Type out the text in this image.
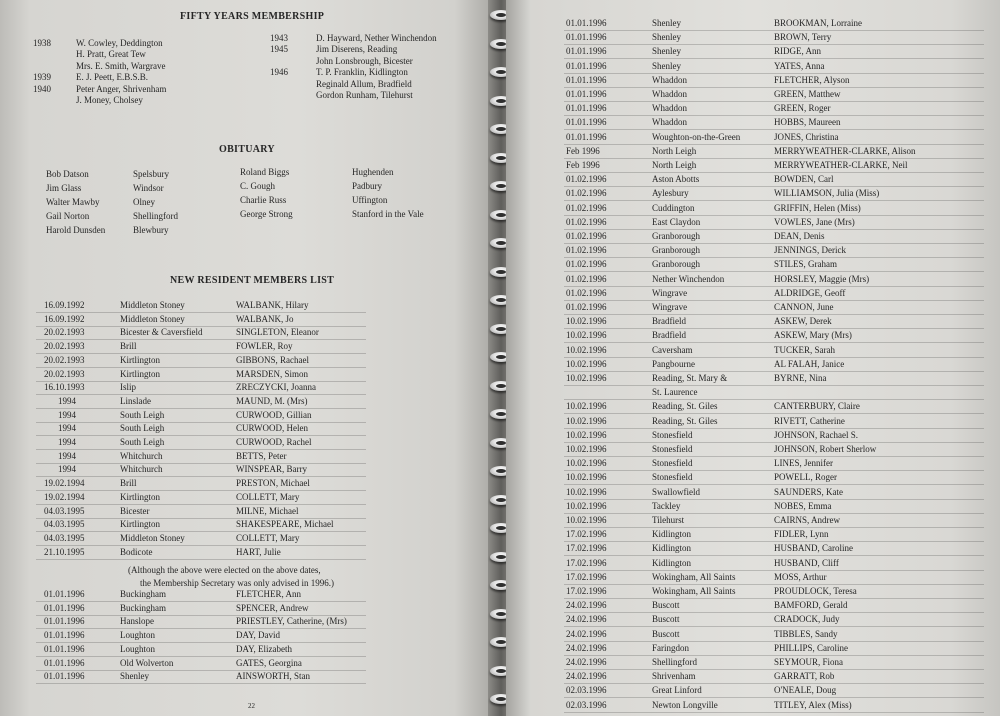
FIFTY YEARS MEMBERSHIP
1938	W. Cowley, Deddington
H. Pratt, Great Tew
Mrs. E. Smith, Wargrave
1939	E. J. Peett, E.B.S.B.
1940	Peter Anger, Shrivenham
J. Money, Cholsey
1943	D. Hayward, Nether Winchendon
1945	Jim Diserens, Reading
John Lonsbrough, Bicester
1946	T. P. Franklin, Kidlington
Reginald Allum, Bradfield
Gordon Runham, Tilehurst
OBITUARY
Bob Datson	Spelsbury
Jim Glass	Windsor
Walter Mawby	Olney
Gail Norton	Shellingford
Harold Dunsden	Blewbury
Roland Biggs	Hughenden
C. Gough	Padbury
Charlie Russ	Uffington
George Strong	Stanford in the Vale
NEW RESIDENT MEMBERS LIST
16.09.1992	Middleton Stoney	WALBANK, Hilary
16.09.1992	Middleton Stoney	WALBANK, Jo
20.02.1993	Bicester & Caversfield	SINGLETON, Eleanor
20.02.1993	Brill	FOWLER, Roy
20.02.1993	Kirtlington	GIBBONS, Rachael
20.02.1993	Kirtlington	MARSDEN, Simon
16.10.1993	Islip	ZRECZYCKI, Joanna
1994	Linslade	MAUND, M. (Mrs)
1994	South Leigh	CURWOOD, Gillian
1994	South Leigh	CURWOOD, Helen
1994	South Leigh	CURWOOD, Rachel
1994	Whitchurch	BETTS, Peter
1994	Whitchurch	WINSPEAR, Barry
19.02.1994	Brill	PRESTON, Michael
19.02.1994	Kirtlington	COLLETT, Mary
04.03.1995	Bicester	MILNE, Michael
04.03.1995	Kirtlington	SHAKESPEARE, Michael
04.03.1995	Middleton Stoney	COLLETT, Mary
21.10.1995	Bodicote	HART, Julie
(Although the above were elected on the above dates,
the Membership Secretary was only advised in 1996.)
01.01.1996	Buckingham	FLETCHER, Ann
01.01.1996	Buckingham	SPENCER, Andrew
01.01.1996	Hanslope	PRIESTLEY, Catherine, (Mrs)
01.01.1996	Loughton	DAY, David
01.01.1996	Loughton	DAY, Elizabeth
01.01.1996	Old Wolverton	GATES, Georgina
01.01.1996	Shenley	AINSWORTH, Stan
22
01.01.1996	Shenley	BROOKMAN, Lorraine
01.01.1996	Shenley	BROWN, Terry
01.01.1996	Shenley	RIDGE, Ann
01.01.1996	Shenley	YATES, Anna
01.01.1996	Whaddon	FLETCHER, Alyson
01.01.1996	Whaddon	GREEN, Matthew
01.01.1996	Whaddon	GREEN, Roger
01.01.1996	Whaddon	HOBBS, Maureen
01.01.1996	Woughton-on-the-Green	JONES, Christina
Feb 1996	North Leigh	MERRYWEATHER-CLARKE, Alison
Feb 1996	North Leigh	MERRYWEATHER-CLARKE, Neil
01.02.1996	Aston Abotts	BOWDEN, Carl
01.02.1996	Aylesbury	WILLIAMSON, Julia (Miss)
01.02.1996	Cuddington	GRIFFIN, Helen (Miss)
01.02.1996	East Claydon	VOWLES, Jane (Mrs)
01.02.1996	Granborough	DEAN, Denis
01.02.1996	Granborough	JENNINGS, Derick
01.02.1996	Granborough	STILES, Graham
01.02.1996	Nether Winchendon	HORSLEY, Maggie (Mrs)
01.02.1996	Wingrave	ALDRIDGE, Geoff
01.02.1996	Wingrave	CANNON, June
10.02.1996	Bradfield	ASKEW, Derek
10.02.1996	Bradfield	ASKEW, Mary (Mrs)
10.02.1996	Caversham	TUCKER, Sarah
10.02.1996	Pangbourne	AL FALAH, Janice
10.02.1996	Reading, St. Mary &	BYRNE, Nina
St. Laurence
10.02.1996	Reading, St. Giles	CANTERBURY, Claire
10.02.1996	Reading, St. Giles	RIVETT, Catherine
10.02.1996	Stonesfield	JOHNSON, Rachael S.
10.02.1996	Stonesfield	JOHNSON, Robert Sherlow
10.02.1996	Stonesfield	LINES, Jennifer
10.02.1996	Stonesfield	POWELL, Roger
10.02.1996	Swallowfield	SAUNDERS, Kate
10.02.1996	Tackley	NOBES, Emma
10.02.1996	Tilehurst	CAIRNS, Andrew
17.02.1996	Kidlington	FIDLER, Lynn
17.02.1996	Kidlington	HUSBAND, Caroline
17.02.1996	Kidlington	HUSBAND, Cliff
17.02.1996	Wokingham, All Saints	MOSS, Arthur
17.02.1996	Wokingham, All Saints	PROUDLOCK, Teresa
24.02.1996	Buscott	BAMFORD, Gerald
24.02.1996	Buscott	CRADOCK, Judy
24.02.1996	Buscott	TIBBLES, Sandy
24.02.1996	Faringdon	PHILLIPS, Caroline
24.02.1996	Shellingford	SEYMOUR, Fiona
24.02.1996	Shrivenham	GARRATT, Rob
02.03.1996	Great Linford	O'NEALE, Doug
02.03.1996	Newton Longville	TITLEY, Alex (Miss)
